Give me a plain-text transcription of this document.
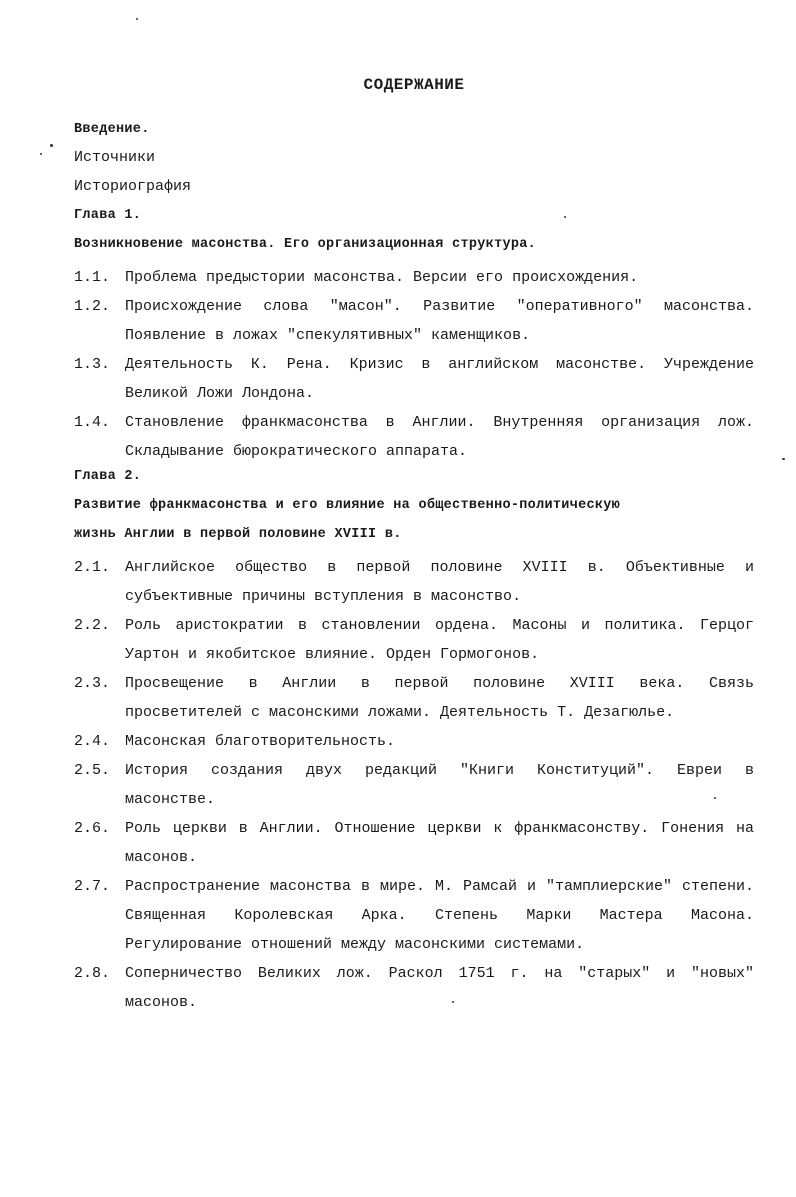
СОДЕРЖАНИЕ
Введение.
Источники
Историография
Глава 1.
Возникновение масонства. Его организационная структура.
1.1. Проблема предыстории масонства. Версии его происхождения.
1.2. Происхождение слова "масон". Развитие "оперативного" масонства. Появление в ложах "спекулятивных" каменщиков.
1.3. Деятельность К. Рена. Кризис в английском масонстве. Учреждение Великой Ложи Лондона.
1.4. Становление франкмасонства в Англии. Внутренняя организация лож. Складывание бюрократического аппарата.
Глава 2.
Развитие франкмасонства и его влияние на общественно-политическую
жизнь Англии в первой половине XVIII в.
2.1. Английское общество в первой половине XVIII в. Объективные и субъективные причины вступления в масонство.
2.2. Роль аристократии в становлении ордена. Масоны и политика. Герцог Уартон и якобитское влияние. Орден Гормогонов.
2.3. Просвещение в Англии в первой половине XVIII века. Связь просветителей с масонскими ложами. Деятельность Т. Дезагюлье.
2.4. Масонская благотворительность.
2.5. История создания двух редакций "Книги Конституций". Евреи в масонстве.
2.6. Роль церкви в Англии. Отношение церкви к франкмасонству. Гонения на масонов.
2.7. Распространение масонства в мире. М. Рамсай и "тамплиерские" степени. Священная Королевская Арка. Степень Марки Мастера Масона. Регулирование отношений между масонскими системами.
2.8. Соперничество Великих лож. Раскол 1751 г. на "старых" и "новых" масонов.
